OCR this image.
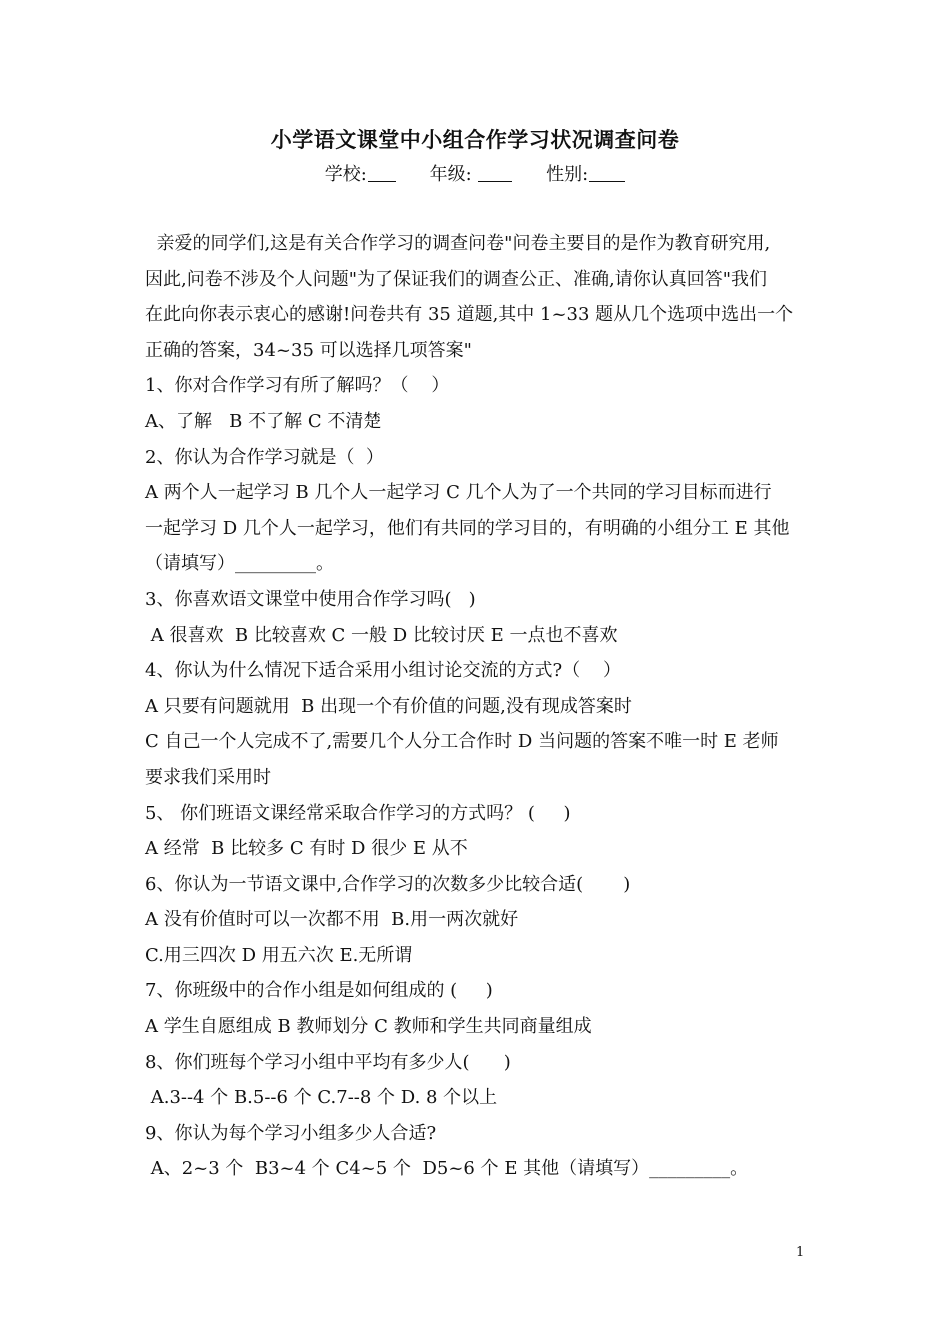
小学语文课堂中小组合作学习状况调查问卷
学校:	年级:	性别:
亲爱的同学们,这是有关合作学习的调查问卷"问卷主要目的是作为教育研究用,
因此,问卷不涉及个人问题"为了保证我们的调查公正、准确,请你认真回答"我们
在此向你表示衷心的感谢!问卷共有 35 道题,其中 1~33 题从几个选项中选出一个
正确的答案，34~35 可以选择几项答案"
1、你对合作学习有所了解吗？（    ）
A、了解   B 不了解 C 不清楚
2、你认为合作学习就是（  ）
A 两个人一起学习 B 几个人一起学习 C 几个人为了一个共同的学习目标而进行
一起学习 D 几个人一起学习，他们有共同的学习目的，有明确的小组分工 E 其他
（请填写）_________。
3、你喜欢语文课堂中使用合作学习吗(   )
A 很喜欢  B 比较喜欢 C 一般 D 比较讨厌 E 一点也不喜欢
4、你认为什么情况下适合采用小组讨论交流的方式?（    ）
A 只要有问题就用  B 出现一个有价值的问题,没有现成答案时
C 自己一个人完成不了,需要几个人分工合作时 D 当问题的答案不唯一时 E 老师
要求我们采用时
5、 你们班语文课经常采取合作学习的方式吗？ (     )
A 经常  B 比较多 C 有时 D 很少 E 从不
6、你认为一节语文课中,合作学习的次数多少比较合适(       )
A 没有价值时可以一次都不用  B.用一两次就好
C.用三四次 D 用五六次 E.无所谓
7、你班级中的合作小组是如何组成的 (     )
A 学生自愿组成 B 教师划分 C 教师和学生共同商量组成
8、你们班每个学习小组中平均有多少人(      )
A.3--4 个 B.5--6 个 C.7--8 个 D. 8 个以上
9、你认为每个学习小组多少人合适?
A、2~3 个  B3~4 个 C4~5 个  D5~6 个 E 其他（请填写）_________。
1
